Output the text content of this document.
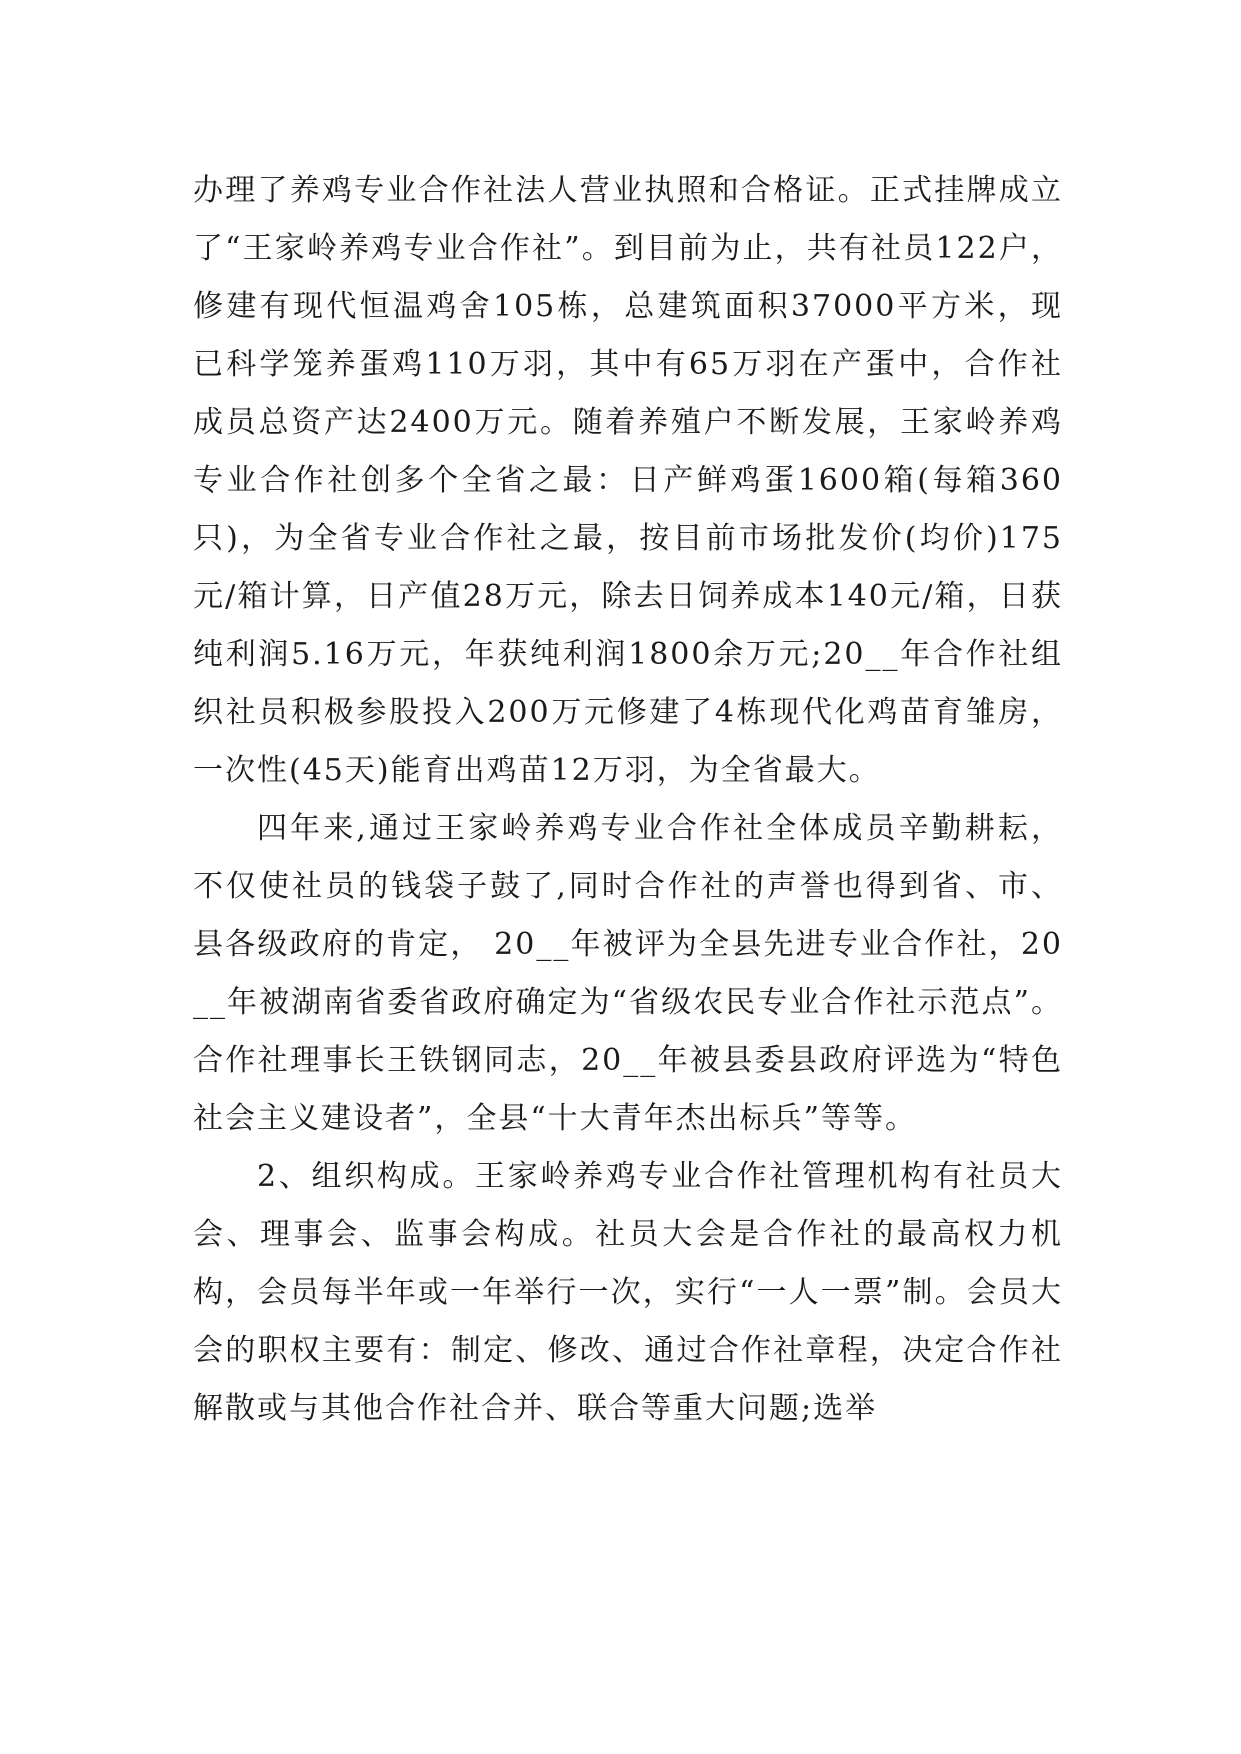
办理了养鸡专业合作社法人营业执照和合格证。正式挂牌成立了“王家岭养鸡专业合作社”。到目前为止，共有社员122户，修建有现代恒温鸡舍105栋，总建筑面积37000平方米，现已科学笼养蛋鸡110万羽，其中有65万羽在产蛋中，合作社成员总资产达2400万元。随着养殖户不断发展，王家岭养鸡专业合作社创多个全省之最：日产鲜鸡蛋1600箱(每箱360只)，为全省专业合作社之最，按目前市场批发价(均价)175元/箱计算，日产值28万元，除去日饲养成本140元/箱，日获纯利润5.16万元，年获纯利润1800余万元;20__年合作社组织社员积极参股投入200万元修建了4栋现代化鸡苗育雏房，一次性(45天)能育出鸡苗12万羽，为全省最大。

四年来,通过王家岭养鸡专业合作社全体成员辛勤耕耘，不仅使社员的钱袋子鼓了,同时合作社的声誉也得到省、市、县各级政府的肯定， 20__年被评为全县先进专业合作社，20__年被湖南省委省政府确定为“省级农民专业合作社示范点”。合作社理事长王铁钢同志，20__年被县委县政府评选为“特色社会主义建设者”，全县“十大青年杰出标兵”等等。

2、组织构成。王家岭养鸡专业合作社管理机构有社员大会、理事会、监事会构成。社员大会是合作社的最高权力机构，会员每半年或一年举行一次，实行“一人一票”制。会员大会的职权主要有：制定、修改、通过合作社章程，决定合作社解散或与其他合作社合并、联合等重大问题;选举
